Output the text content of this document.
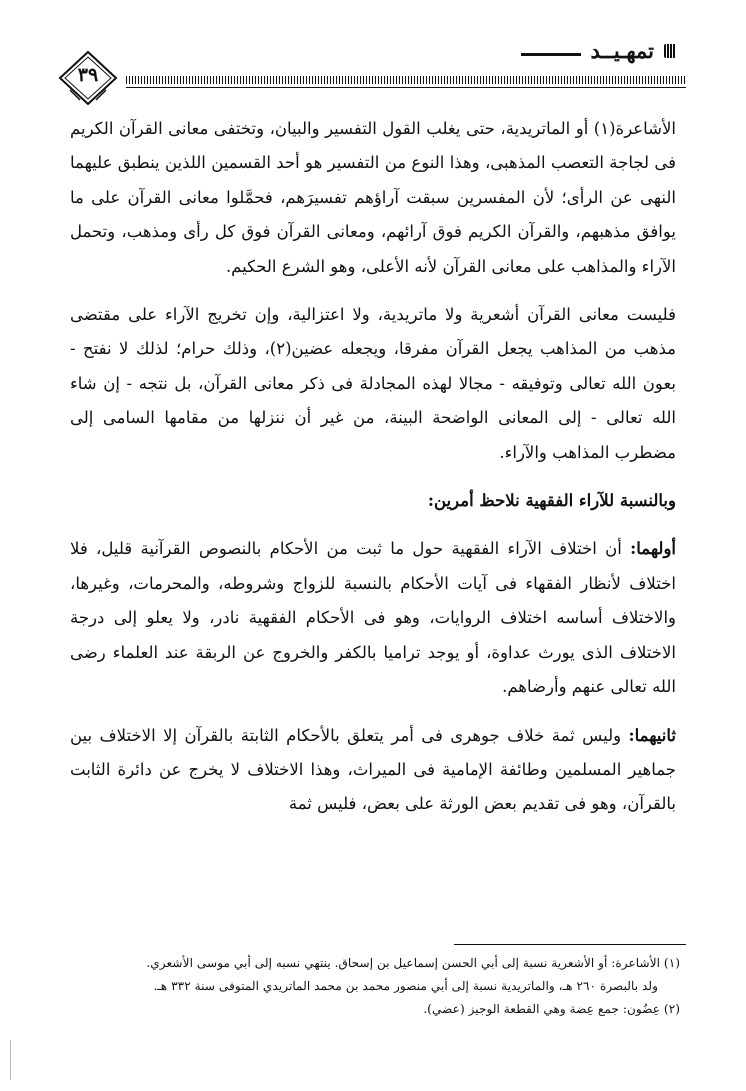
تمهـيــد
٣٩

الأشاعرة(١) أو الماتريدية، حتى يغلب القول التفسير والبيان، وتختفى معانى القرآن الكريم فى لجاجة التعصب المذهبى، وهذا النوع من التفسير هو أحد القسمين اللذين ينطبق عليهما النهى عن الرأى؛ لأن المفسرين سبقت آراؤهم تفسيرَهم، فحمَّلوا معانى القرآن على ما يوافق مذهبهم، والقرآن الكريم فوق آرائهم، ومعانى القرآن فوق كل رأى ومذهب، وتحمل الآراء والمذاهب على معانى القرآن لأنه الأعلى، وهو الشرع الحكيم.

فليست معانى القرآن أشعرية ولا ماتريدية، ولا اعتزالية، وإن تخريج الآراء على مقتضى مذهب من المذاهب يجعل القرآن مفرقا، ويجعله عضين(٢)، وذلك حرام؛ لذلك لا نفتح - بعون الله تعالى وتوفيقه - مجالا لهذه المجادلة فى ذكر معانى القرآن، بل نتجه - إن شاء الله تعالى - إلى المعانى الواضحة البينة، من غير أن ننزلها من مقامها السامى إلى مضطرب المذاهب والآراء.

وبالنسبة للآراء الفقهية نلاحظ أمرين:

أولهما: أن اختلاف الآراء الفقهية حول ما ثبت من الأحكام بالنصوص القرآنية قليل، فلا اختلاف لأنظار الفقهاء فى آيات الأحكام بالنسبة للزواج وشروطه، والمحرمات، وغيرها، والاختلاف أساسه اختلاف الروايات، وهو فى الأحكام الفقهية نادر، ولا يعلو إلى درجة الاختلاف الذى يورث عداوة، أو يوجد تراميا بالكفر والخروج عن الربقة عند العلماء رضى الله تعالى عنهم وأرضاهم.

ثانيهما: وليس ثمة خلاف جوهرى فى أمر يتعلق بالأحكام الثابتة بالقرآن إلا الاختلاف بين جماهير المسلمين وطائفة الإمامية فى الميراث، وهذا الاختلاف لا يخرج عن دائرة الثابت بالقرآن، وهو فى تقديم بعض الورثة على بعض، فليس ثمة

(١) الأشاعرة: أو الأشعرية نسبة إلى أبي الحسن إسماعيل بن إسحاق. ينتهي نسبه إلى أبي موسى الأشعري.

ولد بالبصرة ٢٦٠ هـ، والماتريدية نسبة إلى أبي منصور محمد بن محمد الماتريدي المتوفى سنة ٣٣٢ هـ.

(٢) عِضُون: جمع عِضة وهي القطعة الوجيز (عضي).
